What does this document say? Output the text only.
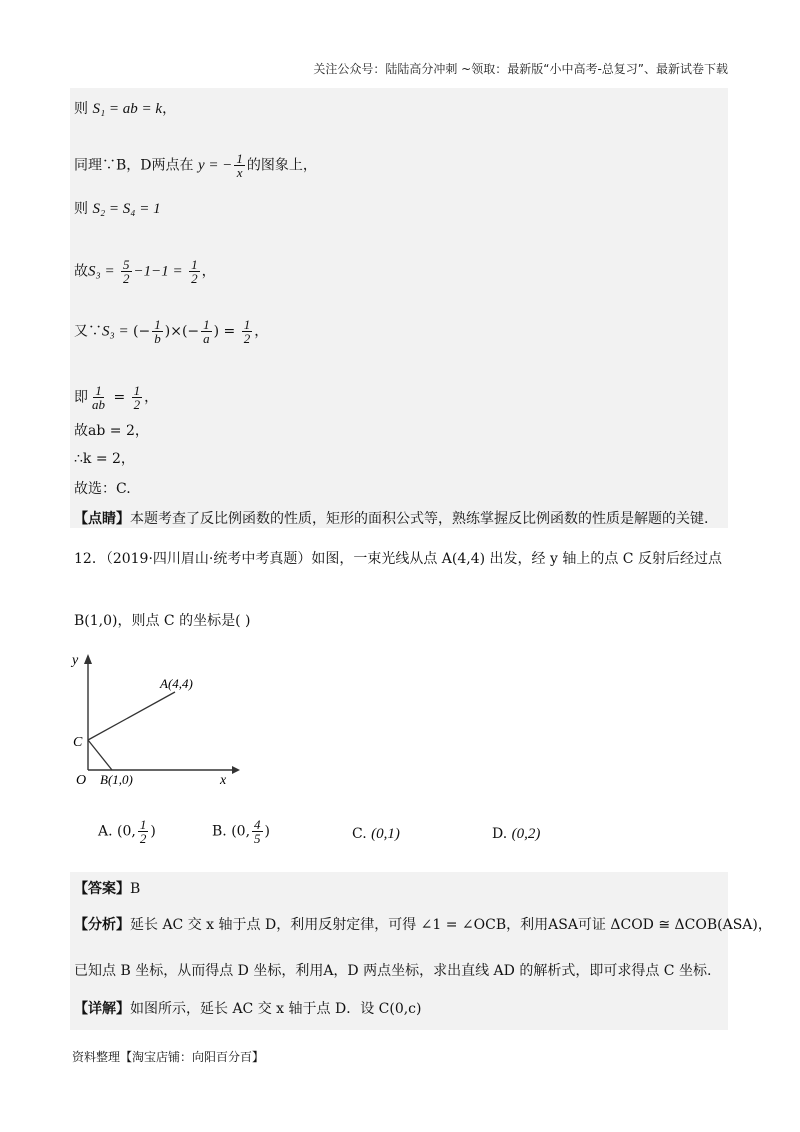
关注公众号：陆陆高分冲刺 ~领取：最新版“小中高考-总复习”、最新试卷下载
则 S₁ = ab = k，
同理∵B，D两点在 y = − $\frac{1}{x}$ 的图象上，
则 S₂ = S₄ = 1
故$S_3 = \frac{5}{2} -1-1 = \frac{1}{2}$ ，
又∵S₃ = (− $\frac{1}{b}$ )×(− $\frac{1}{a}$ ) = $\frac{1}{2}$ ，
即 $\frac{1}{ab} = \frac{1}{2}$ ，
故ab = 2，
∴k = 2，
故选：C.
【点睛】本题考查了反比例函数的性质，矩形的面积公式等，熟练掌握反比例函数的性质是解题的关键.
12．（2019·四川眉山·统考中考真题）如图，一束光线从点 A(4,4) 出发，经 y 轴上的点 C 反射后经过点
B(1,0)，则点 C 的坐标是( )
y
x
O
A(4,4)
C
B(1,0)
A. (0, $\frac{1}{2}$ )	B. (0, $\frac{4}{5}$ )	C. (0,1)	D. (0,2)
【答案】B
【分析】延长 AC 交 x 轴于点 D，利用反射定律，可得 ∠1 = ∠OCB，利用ASA可证 ΔCOD ≅ ΔCOB(ASA)，
已知点 B 坐标，从而得点 D 坐标，利用A，D 两点坐标，求出直线 AD 的解析式，即可求得点 C 坐标.
【详解】如图所示，延长 AC 交 x 轴于点 D．设 C(0,c)
资料整理【淘宝店铺：向阳百分百】
